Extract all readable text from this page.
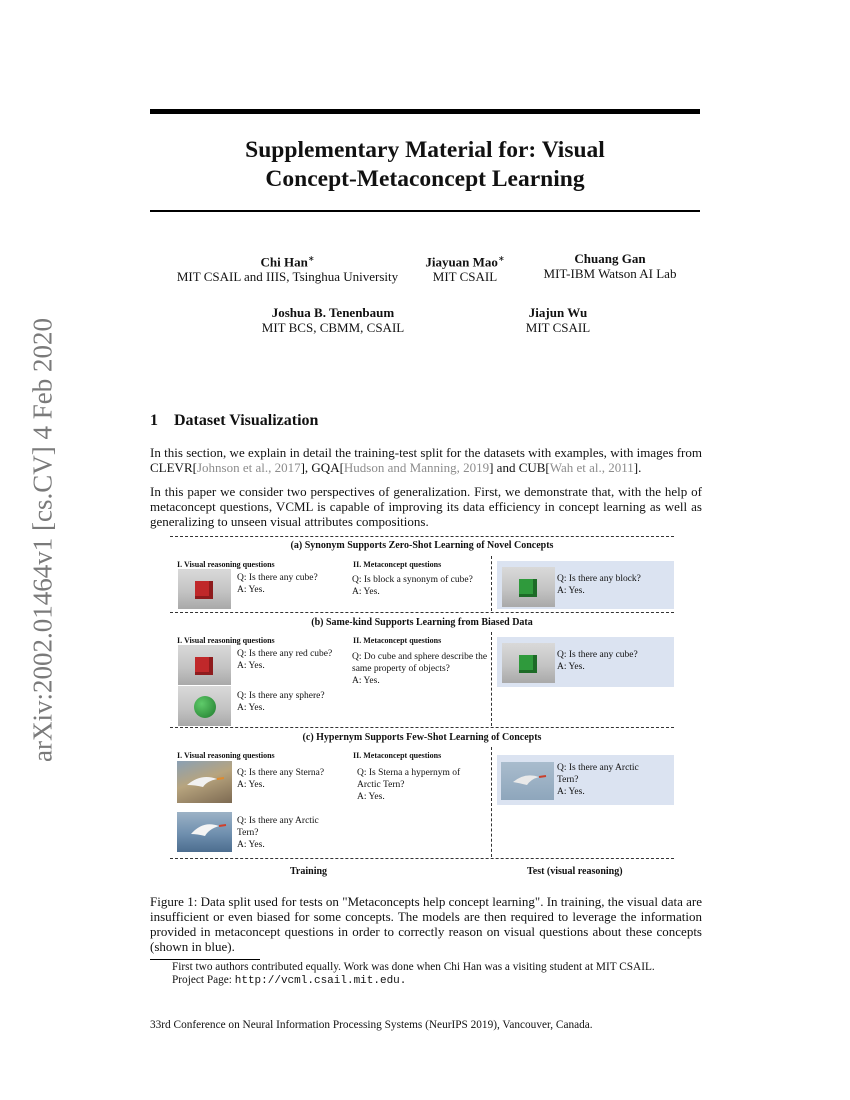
arXiv:2002.01464v1 [cs.CV] 4 Feb 2020
Supplementary Material for: Visual
Concept-Metaconcept Learning
Chi Han∗
MIT CSAIL and IIIS, Tsinghua University
Jiayuan Mao∗
MIT CSAIL
Chuang Gan
MIT-IBM Watson AI Lab
Joshua B. Tenenbaum
MIT BCS, CBMM, CSAIL
Jiajun Wu
MIT CSAIL
1 Dataset Visualization
In this section, we explain in detail the training-test split for the datasets with examples, with images from CLEVR[Johnson et al., 2017], GQA[Hudson and Manning, 2019] and CUB[Wah et al., 2011].
In this paper we consider two perspectives of generalization. First, we demonstrate that, with the help of metaconcept questions, VCML is capable of improving its data efficiency in concept learning as well as generalizing to unseen visual attributes compositions.
(a) Synonym Supports Zero-Shot Learning of Novel Concepts
I. Visual reasoning questions	II. Metaconcept questions
Q: Is there any cube?
A: Yes.
Q: Is block a synonym of cube?
A: Yes.
Q: Is there any block?
A: Yes.
(b) Same-kind Supports Learning from Biased Data
I. Visual reasoning questions	II. Metaconcept questions
Q: Is there any red cube?
A: Yes.
Q: Is there any sphere?
A: Yes.
Q: Do cube and sphere describe the same property of objects?
A: Yes.
Q: Is there any cube?
A: Yes.
(c) Hypernym Supports Few-Shot Learning of Concepts
I. Visual reasoning questions	II. Metaconcept questions
Q: Is there any Sterna?
A: Yes.
Q: Is there any Arctic Tern?
A: Yes.
Q: Is Sterna a hypernym of Arctic Tern?
A: Yes.
Q: Is there any Arctic Tern?
A: Yes.
Training	Test (visual reasoning)
Figure 1: Data split used for tests on "Metaconcepts help concept learning". In training, the visual data are insufficient or even biased for some concepts. The models are then required to leverage the information provided in metaconcept questions in order to correctly reason on visual questions about these concepts (shown in blue).
First two authors contributed equally. Work was done when Chi Han was a visiting student at MIT CSAIL.
Project Page: http://vcml.csail.mit.edu.
33rd Conference on Neural Information Processing Systems (NeurIPS 2019), Vancouver, Canada.
